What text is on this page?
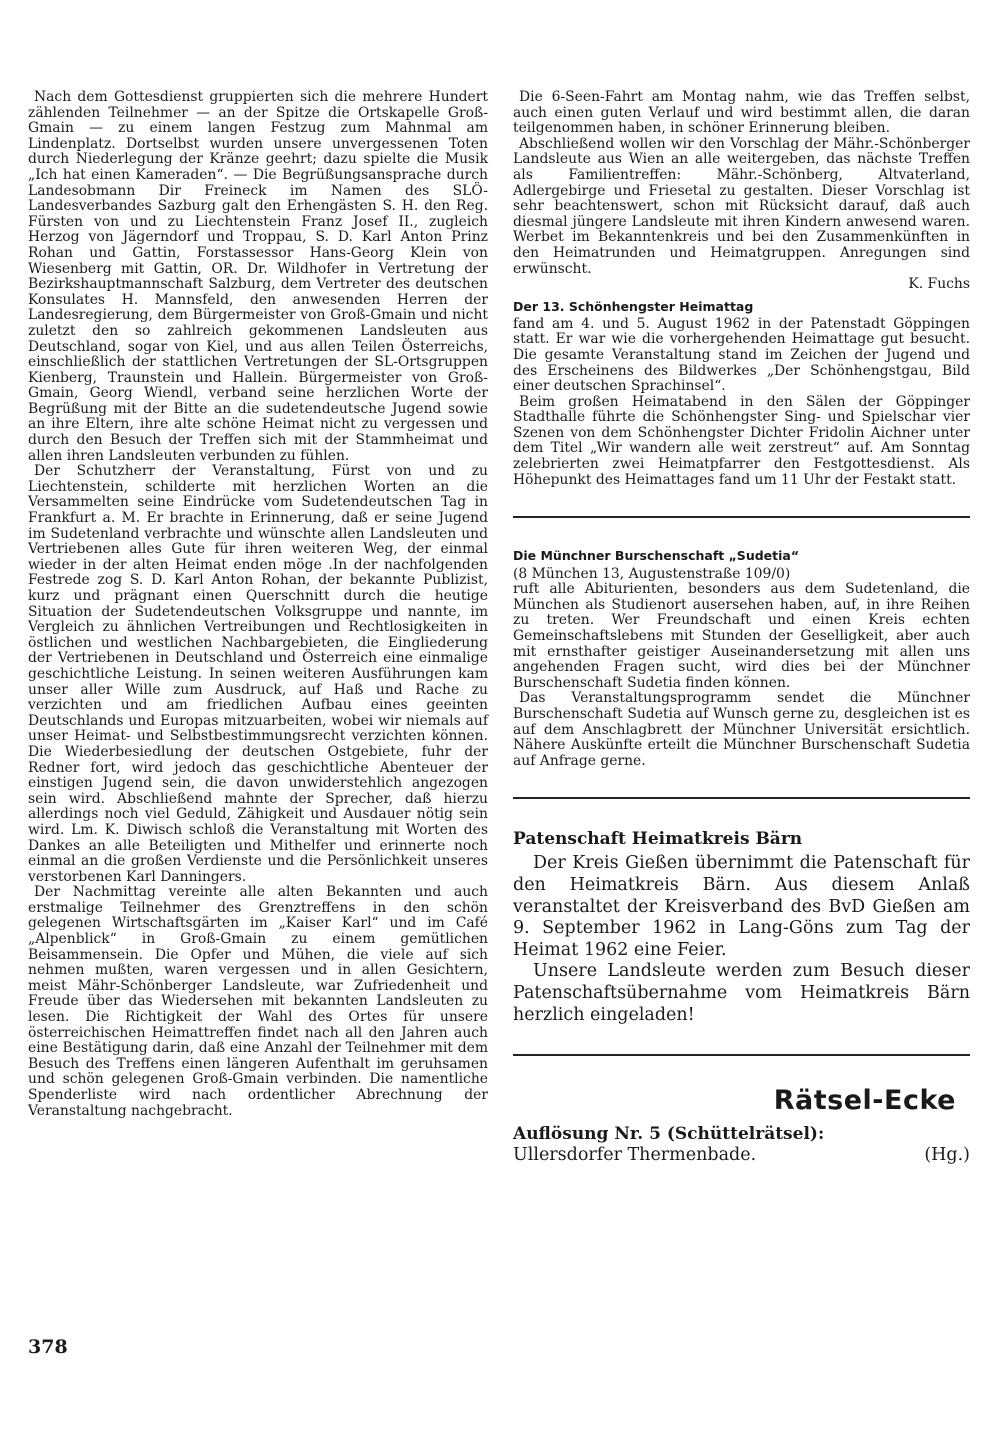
Nach dem Gottesdienst gruppierten sich die mehrere Hundert zählenden Teilnehmer — an der Spitze die Ortskapelle Groß-Gmain — zu einem langen Festzug zum Mahnmal am Lindenplatz. Dortselbst wurden unsere unvergessenen Toten durch Niederlegung der Kränze geehrt; dazu spielte die Musik „Ich hat einen Kameraden“. — Die Begrüßungsansprache durch Landesobmann Dir Freineck im Namen des SLÖ-Landesverbandes Sazburg galt den Erhengästen S. H. den Reg. Fürsten von und zu Liechtenstein Franz Josef II., zugleich Herzog von Jägerndorf und Troppau, S. D. Karl Anton Prinz Rohan und Gattin, Forstassessor Hans-Georg Klein von Wiesenberg mit Gattin, OR. Dr. Wildhofer in Vertretung der Bezirkshauptmannschaft Salzburg, dem Vertreter des deutschen Konsulates H. Mannsfeld, den anwesenden Herren der Landesregierung, dem Bürgermeister von Groß-Gmain und nicht zuletzt den so zahlreich gekommenen Landsleuten aus Deutschland, sogar von Kiel, und aus allen Teilen Österreichs, einschließlich der stattlichen Vertretungen der SL-Ortsgruppen Kienberg, Traunstein und Hallein. Bürgermeister von Groß-Gmain, Georg Wiendl, verband seine herzlichen Worte der Begrüßung mit der Bitte an die sudetendeutsche Jugend sowie an ihre Eltern, ihre alte schöne Heimat nicht zu vergessen und durch den Besuch der Treffen sich mit der Stammheimat und allen ihren Landsleuten verbunden zu fühlen.

Der Schutzherr der Veranstaltung, Fürst von und zu Liechtenstein, schilderte mit herzlichen Worten an die Versammelten seine Eindrücke vom Sudetendeutschen Tag in Frankfurt a. M. Er brachte in Erinnerung, daß er seine Jugend im Sudetenland verbrachte und wünschte allen Landsleuten und Vertriebenen alles Gute für ihren weiteren Weg, der einmal wieder in der alten Heimat enden möge .In der nachfolgenden Festrede zog S. D. Karl Anton Rohan, der bekannte Publizist, kurz und prägnant einen Querschnitt durch die heutige Situation der Sudetendeutschen Volksgruppe und nannte, im Vergleich zu ähnlichen Vertreibungen und Rechtlosigkeiten in östlichen und westlichen Nachbargebieten, die Eingliederung der Vertriebenen in Deutschland und Österreich eine einmalige geschichtliche Leistung. In seinen weiteren Ausführungen kam unser aller Wille zum Ausdruck, auf Haß und Rache zu verzichten und am friedlichen Aufbau eines geeinten Deutschlands und Europas mitzuarbeiten, wobei wir niemals auf unser Heimat- und Selbstbestimmungsrecht verzichten können. Die Wiederbesiedlung der deutschen Ostgebiete, fuhr der Redner fort, wird jedoch das geschichtliche Abenteuer der einstigen Jugend sein, die davon unwiderstehlich angezogen sein wird. Abschließend mahnte der Sprecher, daß hierzu allerdings noch viel Geduld, Zähigkeit und Ausdauer nötig sein wird. Lm. K. Diwisch schloß die Veranstaltung mit Worten des Dankes an alle Beteiligten und Mithelfer und erinnerte noch einmal an die großen Verdienste und die Persönlichkeit unseres verstorbenen Karl Danningers.

Der Nachmittag vereinte alle alten Bekannten und auch erstmalige Teilnehmer des Grenztreffens in den schön gelegenen Wirtschaftsgärten im „Kaiser Karl“ und im Café „Alpenblick“ in Groß-Gmain zu einem gemütlichen Beisammensein. Die Opfer und Mühen, die viele auf sich nehmen mußten, waren vergessen und in allen Gesichtern, meist Mähr-Schönberger Landsleute, war Zufriedenheit und Freude über das Wiedersehen mit bekannten Landsleuten zu lesen. Die Richtigkeit der Wahl des Ortes für unsere österreichischen Heimattreffen findet nach all den Jahren auch eine Bestätigung darin, daß eine Anzahl der Teilnehmer mit dem Besuch des Treffens einen längeren Aufenthalt im geruhsamen und schön gelegenen Groß-Gmain verbinden. Die namentliche Spenderliste wird nach ordentlicher Abrechnung der Veranstaltung nachgebracht.

Die 6-Seen-Fahrt am Montag nahm, wie das Treffen selbst, auch einen guten Verlauf und wird bestimmt allen, die daran teilgenommen haben, in schöner Erinnerung bleiben.

Abschließend wollen wir den Vorschlag der Mähr.-Schönberger Landsleute aus Wien an alle weitergeben, das nächste Treffen als Familientreffen: Mähr.-Schönberg, Altvaterland, Adlergebirge und Friesetal zu gestalten. Dieser Vorschlag ist sehr beachtenswert, schon mit Rücksicht darauf, daß auch diesmal jüngere Landsleute mit ihren Kindern anwesend waren. Werbet im Bekanntenkreis und bei den Zusammenkünften in den Heimatrunden und Heimatgruppen. Anregungen sind erwünscht.

K. Fuchs

Der 13. Schönhengster Heimattag

fand am 4. und 5. August 1962 in der Patenstadt Göppingen statt. Er war wie die vorhergehenden Heimattage gut besucht. Die gesamte Veranstaltung stand im Zeichen der Jugend und des Erscheinens des Bildwerkes „Der Schönhengstgau, Bild einer deutschen Sprachinsel“.

Beim großen Heimatabend in den Sälen der Göppinger Stadthalle führte die Schönhengster Sing- und Spielschar vier Szenen von dem Schönhengster Dichter Fridolin Aichner unter dem Titel „Wir wandern alle weit zerstreut“ auf. Am Sonntag zelebrierten zwei Heimatpfarrer den Festgottesdienst. Als Höhepunkt des Heimattages fand um 11 Uhr der Festakt statt.

Die Münchner Burschenschaft „Sudetia“

(8 München 13, Augustenstraße 109/0)

ruft alle Abiturienten, besonders aus dem Sudetenland, die München als Studienort ausersehen haben, auf, in ihre Reihen zu treten. Wer Freundschaft und einen Kreis echten Gemeinschaftslebens mit Stunden der Geselligkeit, aber auch mit ernsthafter geistiger Auseinandersetzung mit allen uns angehenden Fragen sucht, wird dies bei der Münchner Burschenschaft Sudetia finden können.

Das Veranstaltungsprogramm sendet die Münchner Burschenschaft Sudetia auf Wunsch gerne zu, desgleichen ist es auf dem Anschlagbrett der Münchner Universität ersichtlich. Nähere Auskünfte erteilt die Münchner Burschenschaft Sudetia auf Anfrage gerne.

Patenschaft Heimatkreis Bärn

Der Kreis Gießen übernimmt die Patenschaft für den Heimatkreis Bärn. Aus diesem Anlaß veranstaltet der Kreisverband des BvD Gießen am 9. September 1962 in Lang-Göns zum Tag der Heimat 1962 eine Feier.

Unsere Landsleute werden zum Besuch dieser Patenschaftsübernahme vom Heimatkreis Bärn herzlich eingeladen!

Rätsel-Ecke

Auflösung Nr. 5 (Schüttelrätsel):

Ullersdorfer Thermenbade.	(Hg.)

378
